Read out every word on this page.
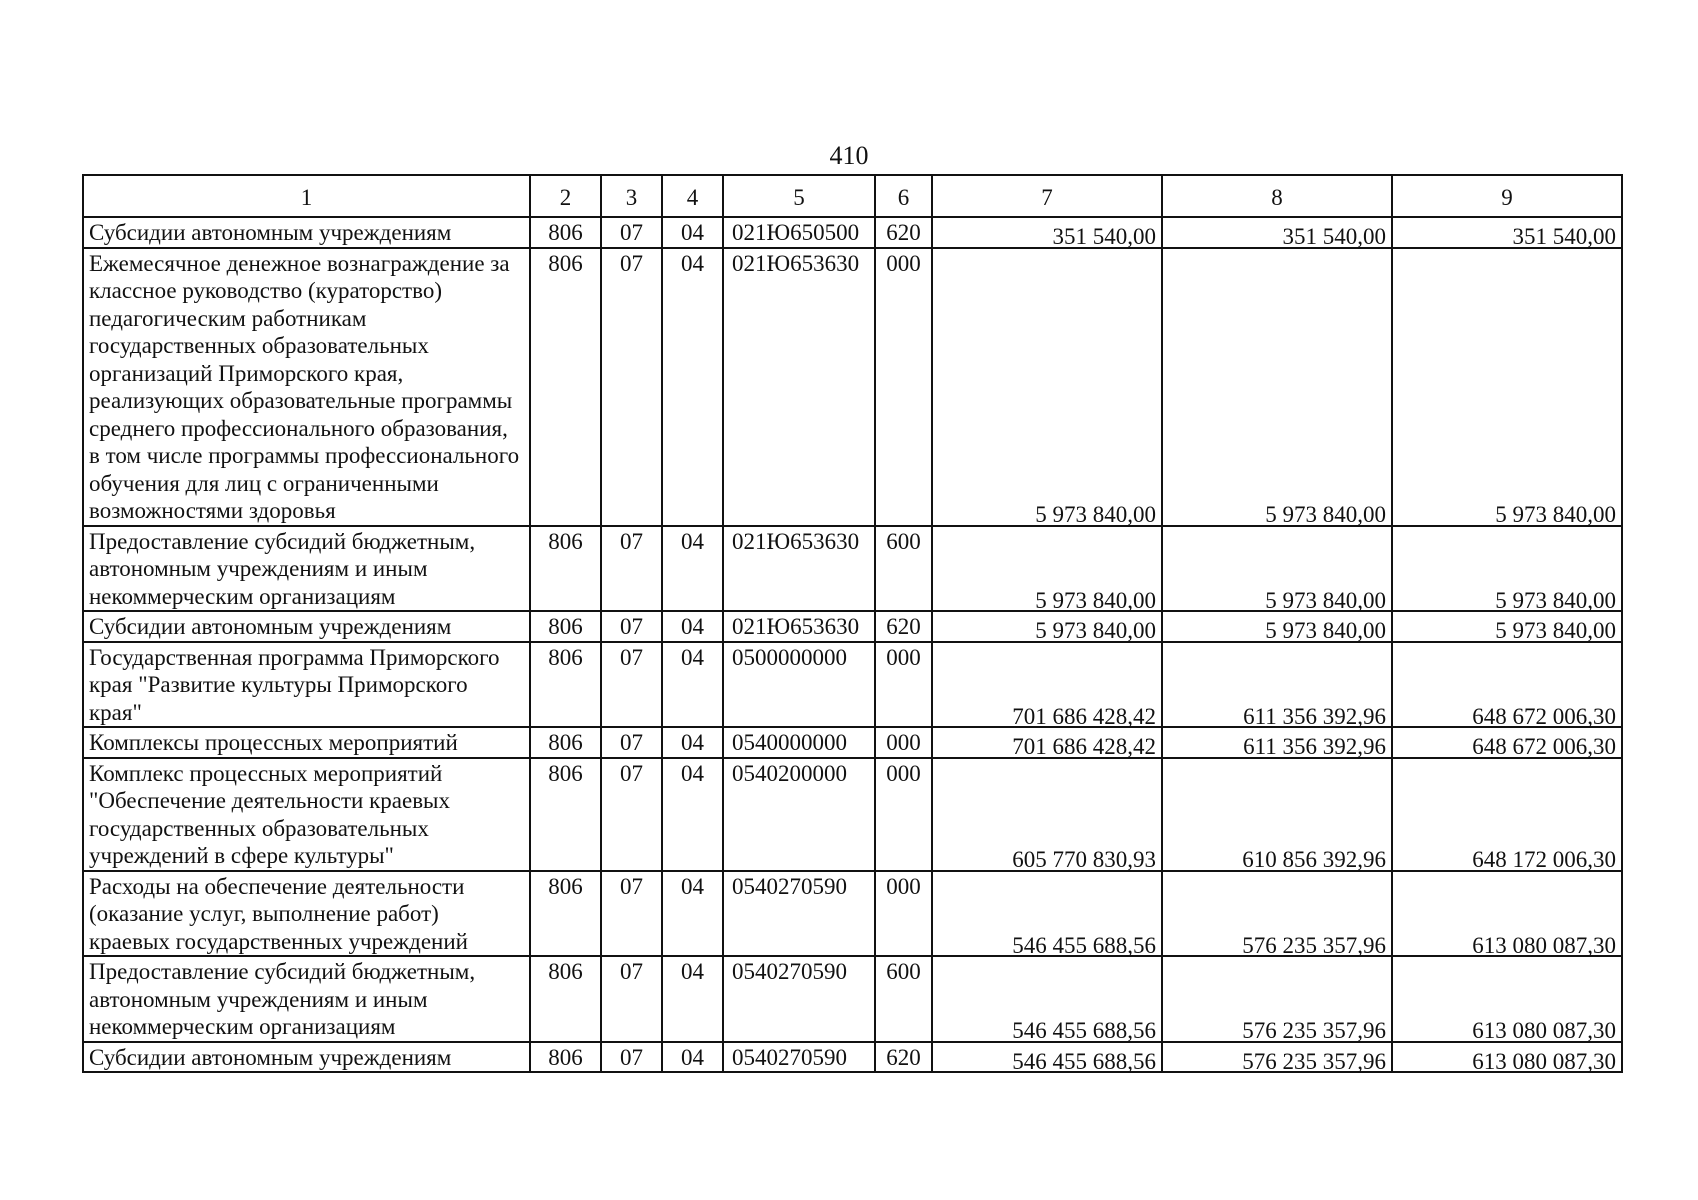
410
1	2	3	4	5	6	7	8	9
Субсидии автономным учреждениям	806	07	04	021Ю650500	620	351 540,00	351 540,00	351 540,00
Ежемесячное денежное вознаграждение за классное руководство (кураторство) педагогическим работникам государственных образовательных организаций Приморского края, реализующих образовательные программы среднего профессионального образования, в том числе программы профессионального обучения для лиц с ограниченными возможностями здоровья	806	07	04	021Ю653630	000	5 973 840,00	5 973 840,00	5 973 840,00
Предоставление субсидий бюджетным, автономным учреждениям и иным некоммерческим организациям	806	07	04	021Ю653630	600	5 973 840,00	5 973 840,00	5 973 840,00
Субсидии автономным учреждениям	806	07	04	021Ю653630	620	5 973 840,00	5 973 840,00	5 973 840,00
Государственная программа Приморского края "Развитие культуры Приморского края"	806	07	04	0500000000	000	701 686 428,42	611 356 392,96	648 672 006,30
Комплексы процессных мероприятий	806	07	04	0540000000	000	701 686 428,42	611 356 392,96	648 672 006,30
Комплекс процессных мероприятий "Обеспечение деятельности краевых государственных образовательных учреждений в сфере культуры"	806	07	04	0540200000	000	605 770 830,93	610 856 392,96	648 172 006,30
Расходы на обеспечение деятельности (оказание услуг, выполнение работ) краевых государственных учреждений	806	07	04	0540270590	000	546 455 688,56	576 235 357,96	613 080 087,30
Предоставление субсидий бюджетным, автономным учреждениям и иным некоммерческим организациям	806	07	04	0540270590	600	546 455 688,56	576 235 357,96	613 080 087,30
Субсидии автономным учреждениям	806	07	04	0540270590	620	546 455 688,56	576 235 357,96	613 080 087,30
